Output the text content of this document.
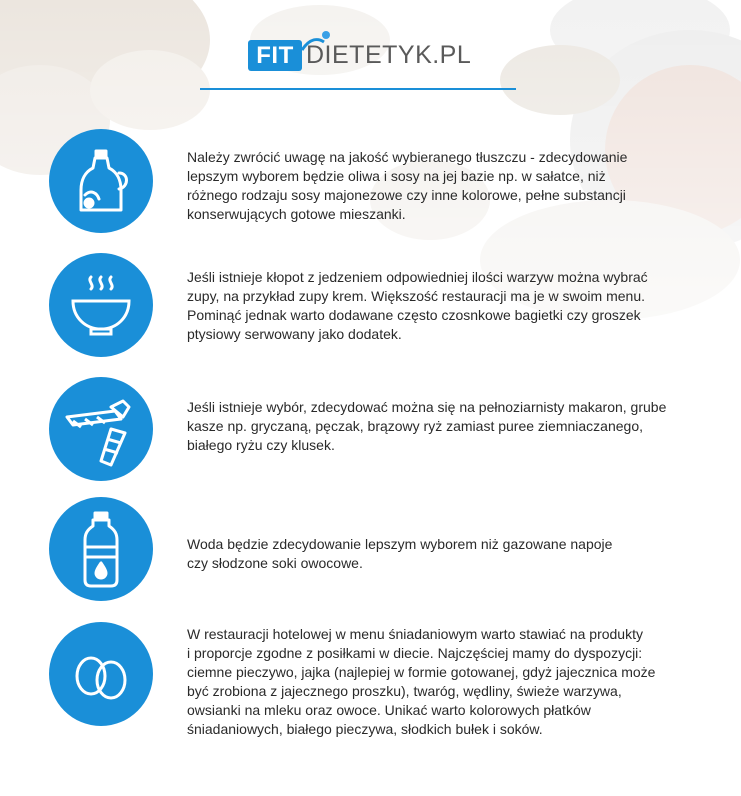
FIT DIETETYK.PL

Należy zwrócić uwagę na jakość wybieranego tłuszczu - zdecydowanie
lepszym wyborem będzie oliwa i sosy na jej bazie np. w sałatce, niż
różnego rodzaju sosy majonezowe czy inne kolorowe, pełne substancji
konserwujących gotowe mieszanki.

Jeśli istnieje kłopot z jedzeniem odpowiedniej ilości warzyw można wybrać
zupy, na przykład zupy krem. Większość restauracji ma je w swoim menu.
Pominąć jednak warto dodawane często czosnkowe bagietki czy groszek
ptysiowy serwowany jako dodatek.

Jeśli istnieje wybór, zdecydować można się na pełnoziarnisty makaron, grube
kasze np. gryczaną, pęczak, brązowy ryż zamiast puree ziemniaczanego,
białego ryżu czy klusek.

Woda będzie zdecydowanie lepszym wyborem niż gazowane napoje
czy słodzone soki owocowe.

W restauracji hotelowej w menu śniadaniowym warto stawiać na produkty
i proporcje zgodne z posiłkami w diecie. Najczęściej mamy do dyspozycji:
ciemne pieczywo, jajka (najlepiej w formie gotowanej, gdyż jajecznica może
być zrobiona z jajecznego proszku), twaróg, wędliny, świeże warzywa,
owsianki na mleku oraz owoce. Unikać warto kolorowych płatków
śniadaniowych, białego pieczywa, słodkich bułek i soków.
